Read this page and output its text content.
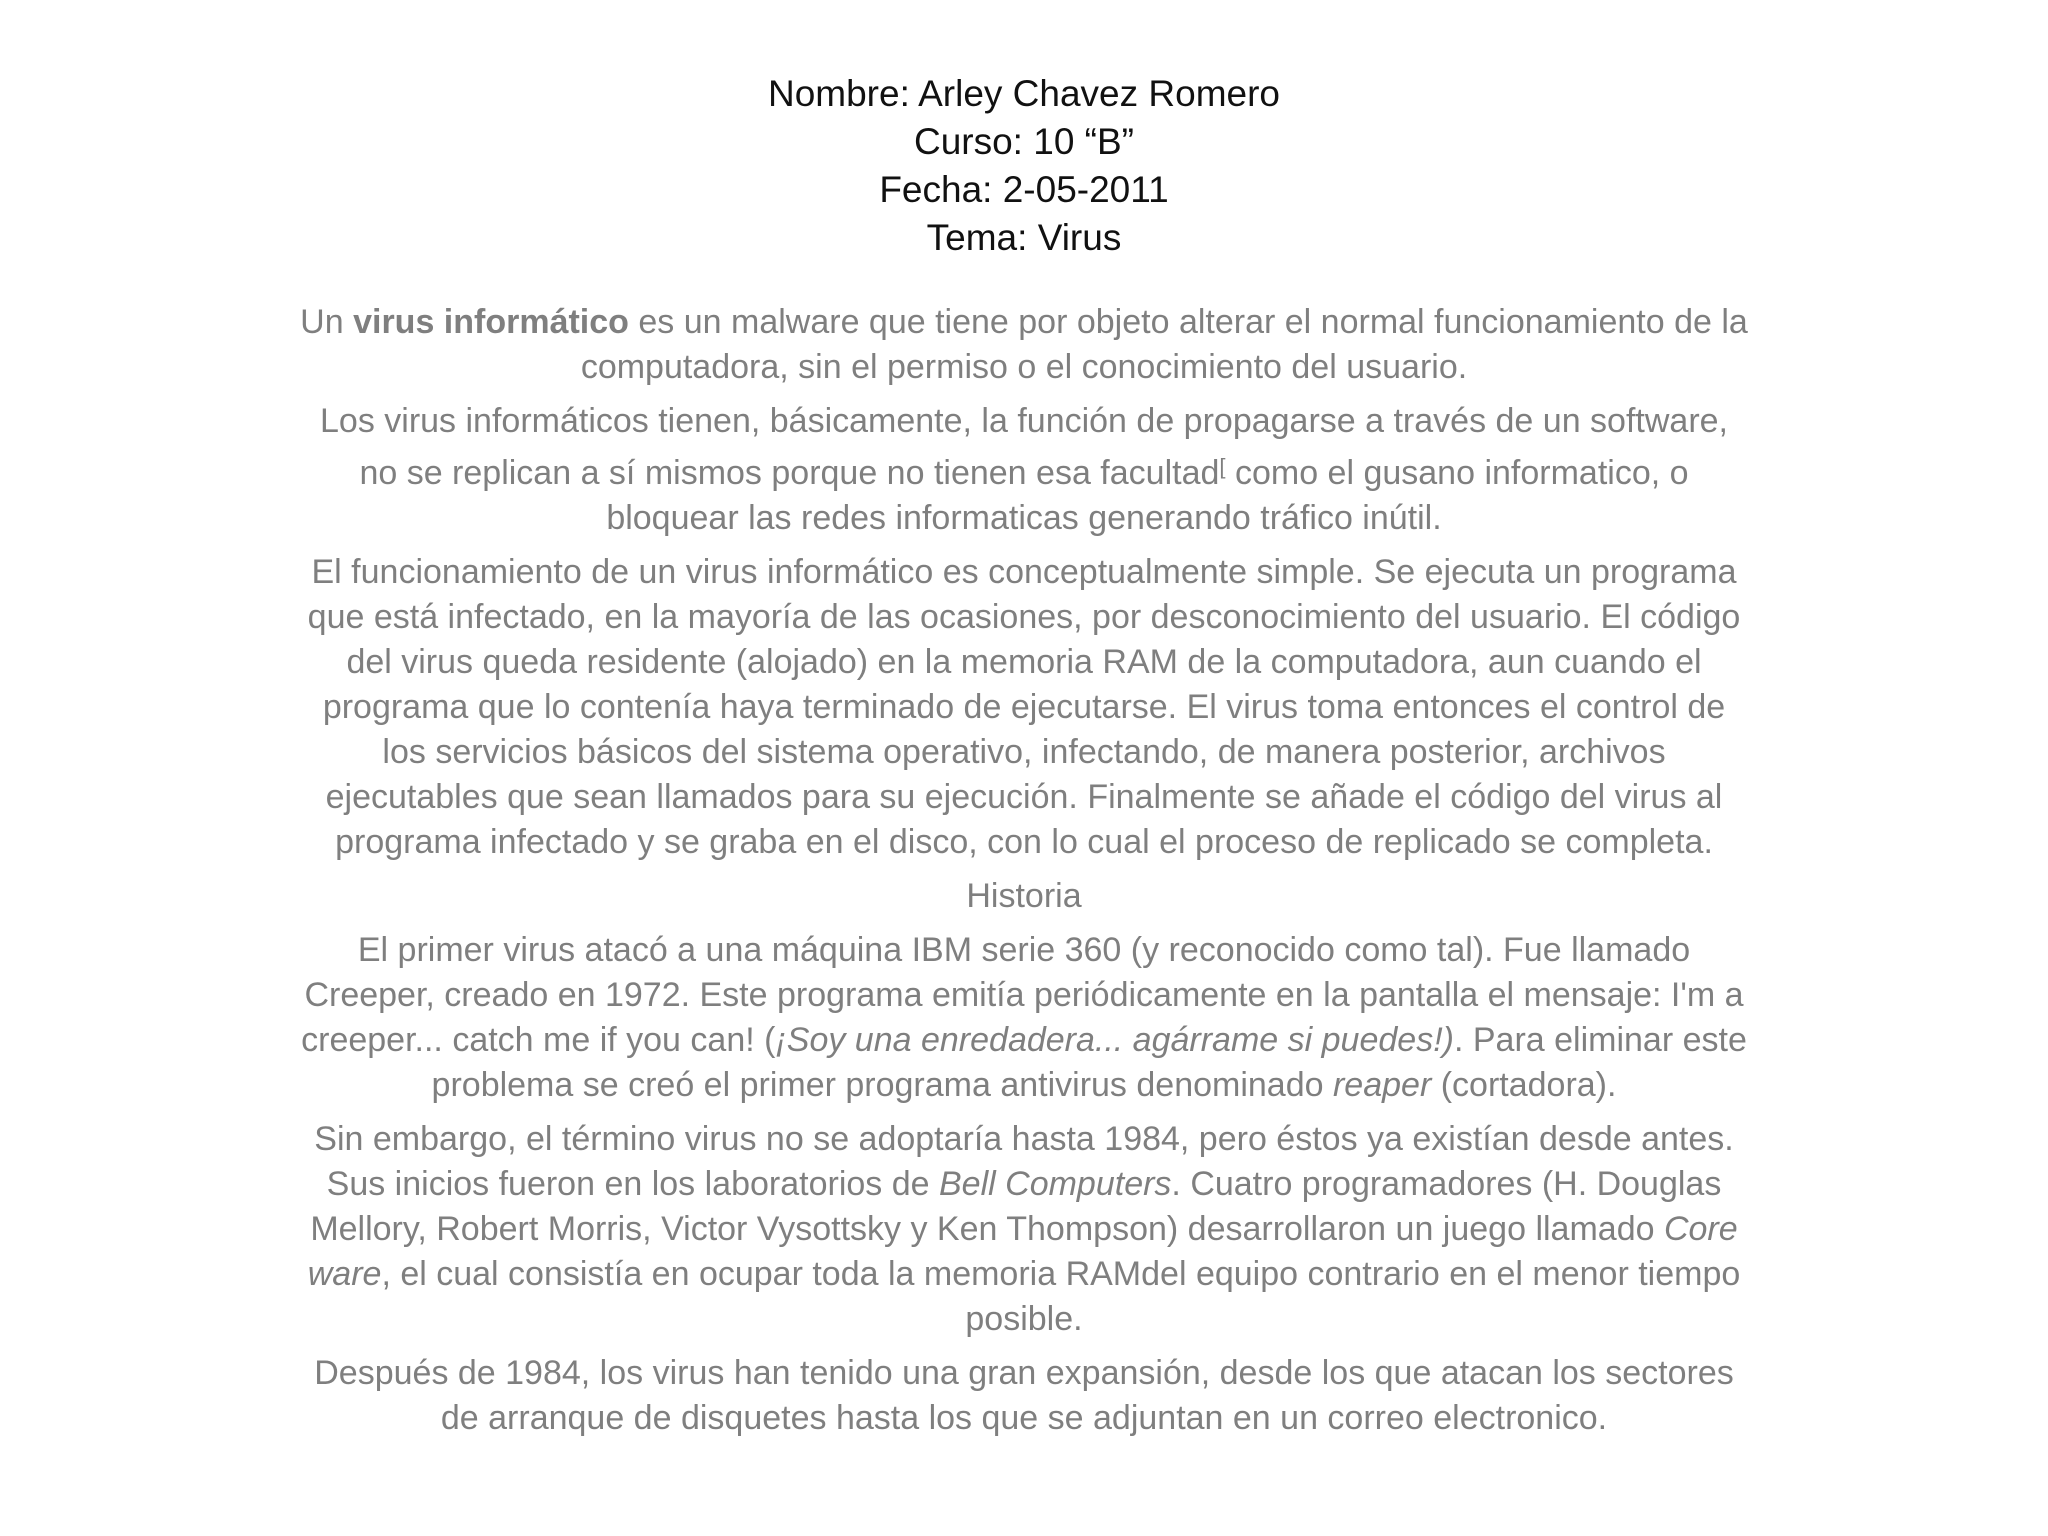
Nombre: Arley Chavez Romero
Curso: 10 “B”
Fecha: 2-05-2011
Tema: Virus

Un virus informático es un malware que tiene por objeto alterar el normal funcionamiento de la computadora, sin el permiso o el conocimiento del usuario.

Los virus informáticos tienen, básicamente, la función de propagarse a través de un software, no se replican a sí mismos porque no tienen esa facultad[ como el gusano informatico, o bloquear las redes informaticas generando tráfico inútil.

El funcionamiento de un virus informático es conceptualmente simple. Se ejecuta un programa que está infectado, en la mayoría de las ocasiones, por desconocimiento del usuario. El código del virus queda residente (alojado) en la memoria RAM de la computadora, aun cuando el programa que lo contenía haya terminado de ejecutarse. El virus toma entonces el control de los servicios básicos del sistema operativo, infectando, de manera posterior, archivos ejecutables que sean llamados para su ejecución. Finalmente se añade el código del virus al programa infectado y se graba en el disco, con lo cual el proceso de replicado se completa.

Historia

El primer virus atacó a una máquina IBM serie 360 (y reconocido como tal). Fue llamado Creeper, creado en 1972. Este programa emitía periódicamente en la pantalla el mensaje: I'm a creeper... catch me if you can! (¡Soy una enredadera... agárrame si puedes!). Para eliminar este problema se creó el primer programa antivirus denominado reaper (cortadora).

Sin embargo, el término virus no se adoptaría hasta 1984, pero éstos ya existían desde antes. Sus inicios fueron en los laboratorios de Bell Computers. Cuatro programadores (H. Douglas Mellory, Robert Morris, Victor Vysottsky y Ken Thompson) desarrollaron un juego llamado Core ware, el cual consistía en ocupar toda la memoria RAMdel equipo contrario en el menor tiempo posible.

Después de 1984, los virus han tenido una gran expansión, desde los que atacan los sectores de arranque de disquetes hasta los que se adjuntan en un correo electronico.
